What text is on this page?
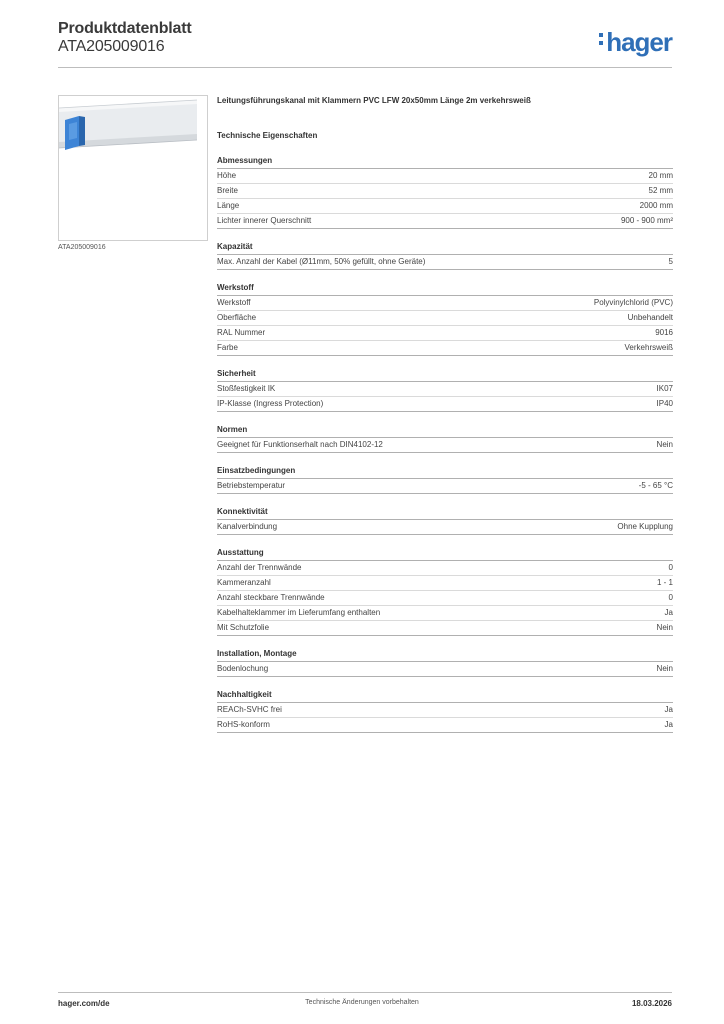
Produktdatenblatt
ATA205009016	hager
ATA205009016
Leitungsführungskanal mit Klammern PVC LFW 20x50mm Länge 2m verkehrsweiß
Technische Eigenschaften
Abmessungen
Höhe	20 mm
Breite	52 mm
Länge	2000 mm
Lichter innerer Querschnitt	900 - 900 mm²
Kapazität
Max. Anzahl der Kabel (Ø11mm, 50% gefüllt, ohne Geräte)	5
Werkstoff
Werkstoff	Polyvinylchlorid (PVC)
Oberfläche	Unbehandelt
RAL Nummer	9016
Farbe	Verkehrsweiß
Sicherheit
Stoßfestigkeit IK	IK07
IP-Klasse (Ingress Protection)	IP40
Normen
Geeignet für Funktionserhalt nach DIN4102-12	Nein
Einsatzbedingungen
Betriebstemperatur	-5 - 65 °C
Konnektivität
Kanalverbindung	Ohne Kupplung
Ausstattung
Anzahl der Trennwände	0
Kammeranzahl	1 - 1
Anzahl steckbare Trennwände	0
Kabelhalteklammer im Lieferumfang enthalten	Ja
Mit Schutzfolie	Nein
Installation, Montage
Bodenlochung	Nein
Nachhaltigkeit
REACh-SVHC frei	Ja
RoHS-konform	Ja
hager.com/de	Technische Änderungen vorbehalten	18.03.2026
